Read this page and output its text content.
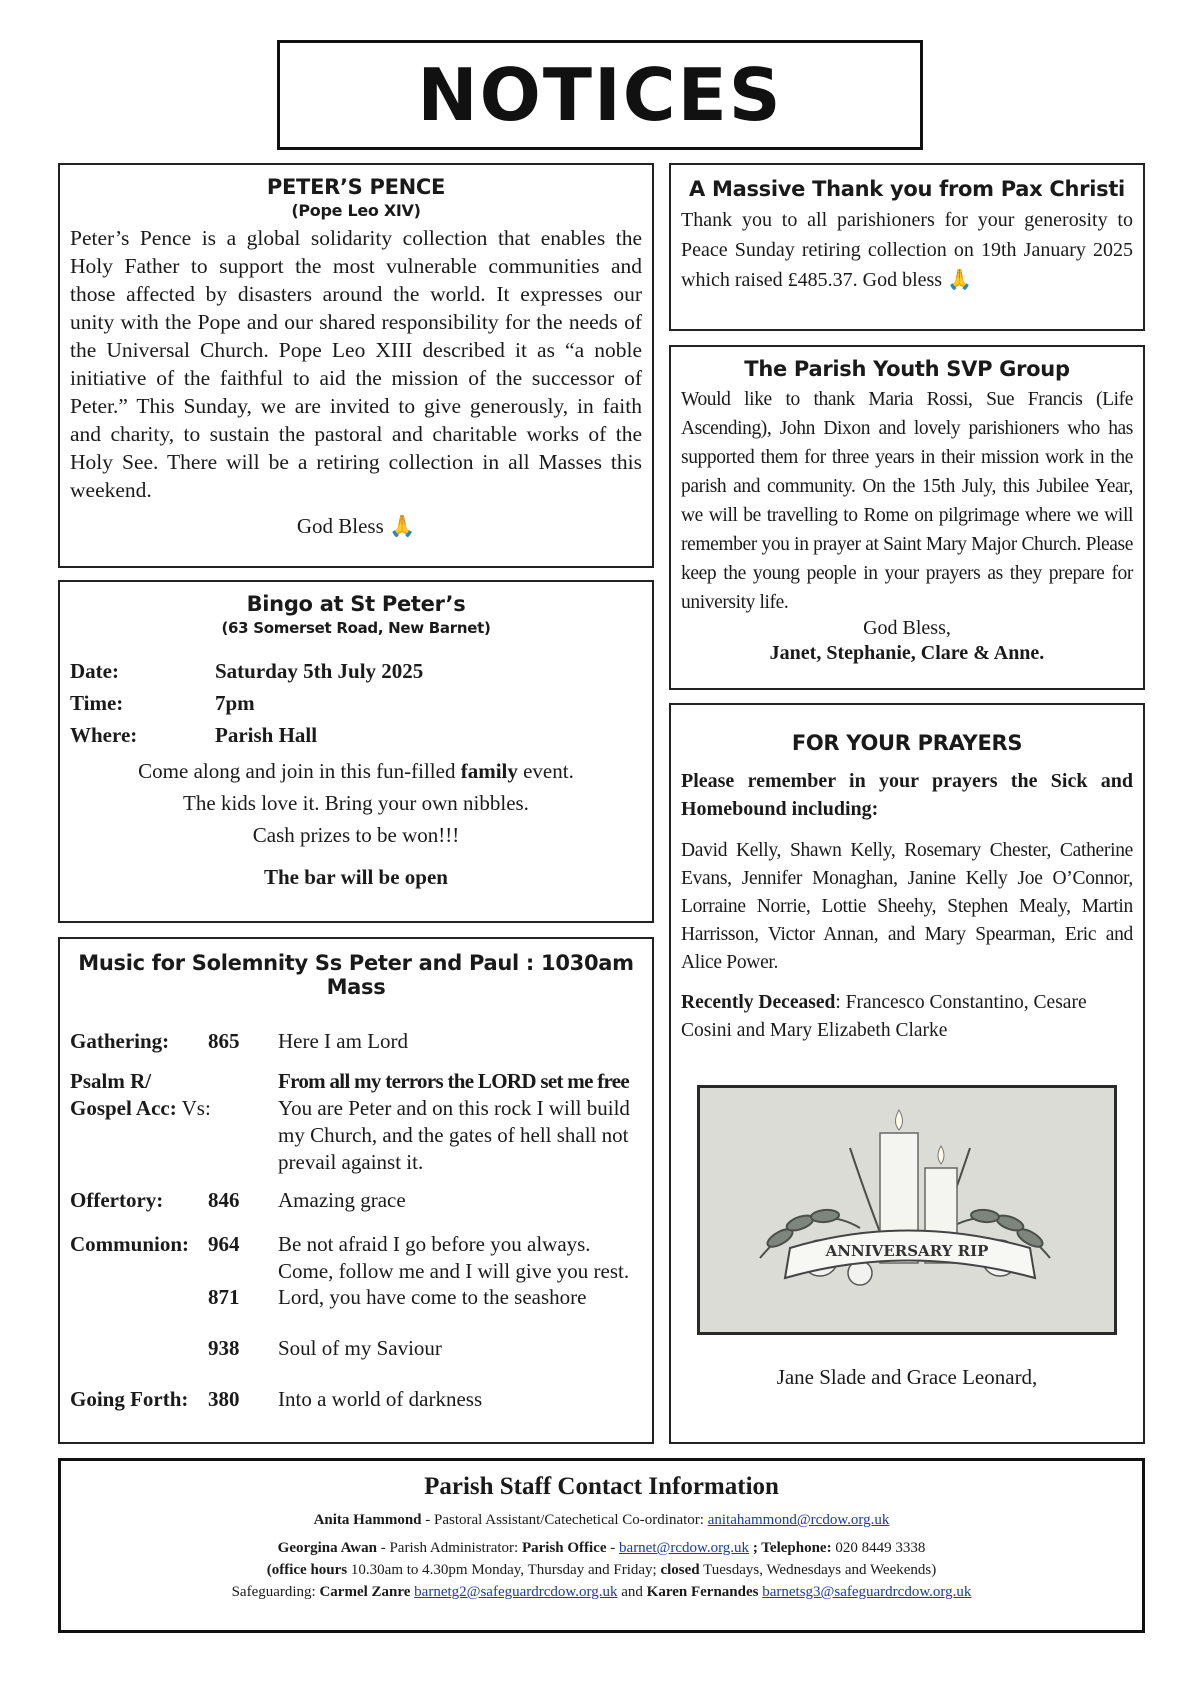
NOTICES
PETER’S PENCE
(Pope Leo XIV)

Peter’s Pence is a global solidarity collection that enables the Holy Father to support the most vulnerable communities and those affected by disasters around the world. It expresses our unity with the Pope and our shared responsibility for the needs of the Universal Church. Pope Leo XIII described it as “a noble initiative of the faithful to aid the mission of the successor of Peter.” This Sunday, we are invited to give generously, in faith and charity, to sustain the pastoral and charitable works of the Holy See. There will be a retiring collection in all Masses this weekend.

God Bless 🙏

Bingo at St Peter’s
(63 Somerset Road, New Barnet)
Date:	Saturday 5th July 2025
Time:	7pm
Where:	Parish Hall
Come along and join in this fun-filled family event.
The kids love it. Bring your own nibbles.
Cash prizes to be won!!!
The bar will be open
Music for Solemnity Ss Peter and Paul : 1030am Mass
Gathering:	865	Here I am Lord
Psalm R/
Gospel Acc: Vs:
From all my terrors the LORD set me free
You are Peter and on this rock I will build my Church, and the gates of hell shall not prevail against it.
Offertory:	846	Amazing grace
Communion: 964	Be not afraid I go before you always. Come, follow me and I will give you rest.
871	Lord, you have come to the seashore
938	Soul of my Saviour
Going Forth: 380	Into a world of darkness
A Massive Thank you from Pax Christi

Thank you to all parishioners for your generosity to Peace Sunday retiring collection on 19th January 2025 which raised £485.37. God bless 🙏

The Parish Youth SVP Group

Would like to thank Maria Rossi, Sue Francis (Life Ascending), John Dixon and lovely parishioners who has supported them for three years in their mission work in the parish and community. On the 15th July, this Jubilee Year, we will be travelling to Rome on pilgrimage where we will remember you in prayer at Saint Mary Major Church. Please keep the young people in your prayers as they prepare for university life.

God Bless,

Janet, Stephanie, Clare & Anne.

FOR YOUR PRAYERS

Please remember in your prayers the Sick and Homebound including:

David Kelly, Shawn Kelly, Rosemary Chester, Catherine Evans, Jennifer Monaghan, Janine Kelly Joe O’Connor, Lorraine Norrie, Lottie Sheehy, Stephen Mealy, Martin Harrisson, Victor Annan, and Mary Spearman, Eric and Alice Power.

Recently Deceased: Francesco Constantino, Cesare Cosini and Mary Elizabeth Clarke

ANNIVERSARY RIP
Jane Slade and Grace Leonard,
Parish Staff Contact Information
Anita Hammond - Pastoral Assistant/Catechetical Co-ordinator: anitahammond@rcdow.org.uk
Georgina Awan - Parish Administrator: Parish Office - barnet@rcdow.org.uk ; Telephone: 020 8449 3338
(office hours 10.30am to 4.30pm Monday, Thursday and Friday; closed Tuesdays, Wednesdays and Weekends)
Safeguarding: Carmel Zanre barnetg2@safeguardrcdow.org.uk and Karen Fernandes barnetsg3@safeguardrcdow.org.uk
